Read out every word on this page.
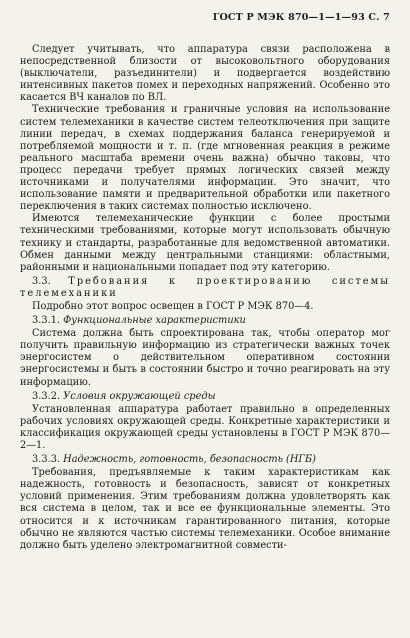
ГОСТ Р МЭК 870—1—1—93 С. 7

Следует учитывать, что аппаратура связи расположена в непосредственной близости от высоковольтного оборудования (выключатели, разъединители) и подвергается воздействию интенсивных пакетов помех и переходных напряжений. Особенно это касается ВЧ каналов по ВЛ.

Технические требования и граничные условия на использование систем телемеханики в качестве систем телеотключения при защите линии передач, в схемах поддержания баланса генерируемой и потребляемой мощности и т. п. (где мгновенная реакция в режиме реального масштаба времени очень важна) обычно таковы, что процесс передачи требует прямых логических связей между источниками и получателями информации. Это значит, что использование памяти и предварительной обработки или пакетного переключения в таких системах полностью исключено.

Имеются телемеханические функции с более простыми техническими требованиями, которые могут использовать обычную технику и стандарты, разработанные для ведомственной автоматики. Обмен данными между центральными станциями: областными, районными и национальными попадает под эту категорию.

3.3. Требования к проектированию системы телемеханики

Подробно этот вопрос освещен в ГОСТ Р МЭК 870—4.

3.3.1. Функциональные характеристики

Система должна быть спроектирована так, чтобы оператор мог получить правильную информацию из стратегически важных точек энергосистем о действительном оперативном состоянии энергосистемы и быть в состоянии быстро и точно реагировать на эту информацию.

3.3.2. Условия окружающей среды

Установленная аппаратура работает правильно в определенных рабочих условиях окружающей среды. Конкретные характеристики и классификация окружающей среды установлены в ГОСТ Р МЭК 870—2—1.

3.3.3. Надежность, готовность, безопасность (НГБ)

Требования, предъявляемые к таким характеристикам как надежность, готовность и безопасность, зависят от конкретных условий применения. Этим требованиям должна удовлетворять как вся система в целом, так и все ее функциональные элементы. Это относится и к источникам гарантированного питания, которые обычно не являются частью системы телемеханики. Особое внимание должно быть уделено электромагнитной совмести-
